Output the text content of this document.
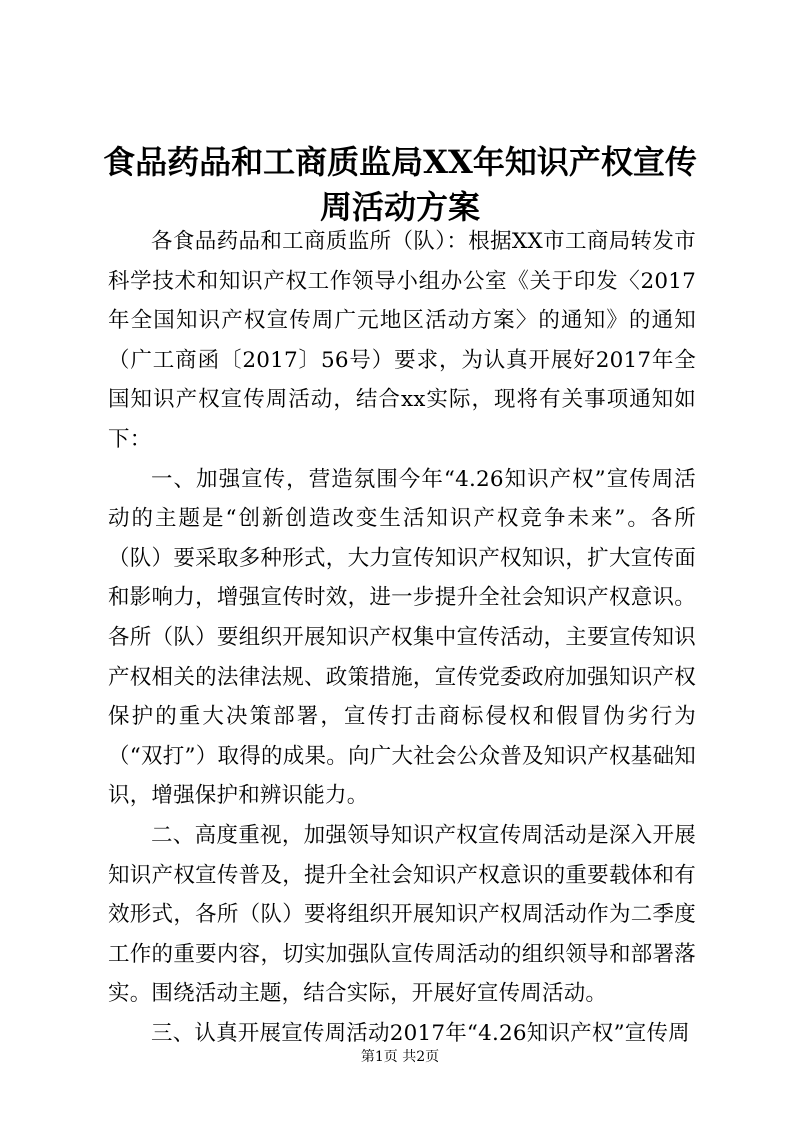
食品药品和工商质监局XX年知识产权宣传周活动方案

各食品药品和工商质监所（队）：根据XX市工商局转发市科学技术和知识产权工作领导小组办公室《关于印发〈2017年全国知识产权宣传周广元地区活动方案〉的通知》的通知（广工商函〔2017〕56号）要求，为认真开展好2017年全国知识产权宣传周活动，结合xx实际，现将有关事项通知如下：

一、加强宣传，营造氛围今年“4.26知识产权”宣传周活动的主题是“创新创造改变生活知识产权竞争未来”。各所（队）要采取多种形式，大力宣传知识产权知识，扩大宣传面和影响力，增强宣传时效，进一步提升全社会知识产权意识。各所（队）要组织开展知识产权集中宣传活动，主要宣传知识产权相关的法律法规、政策措施，宣传党委政府加强知识产权保护的重大决策部署，宣传打击商标侵权和假冒伪劣行为（“双打”）取得的成果。向广大社会公众普及知识产权基础知识，增强保护和辨识能力。

二、高度重视，加强领导知识产权宣传周活动是深入开展知识产权宣传普及，提升全社会知识产权意识的重要载体和有效形式，各所（队）要将组织开展知识产权周活动作为二季度工作的重要内容，切实加强队宣传周活动的组织领导和部署落实。围绕活动主题，结合实际，开展好宣传周活动。

三、认真开展宣传周活动2017年“4.26知识产权”宣传周

第1页 共2页
